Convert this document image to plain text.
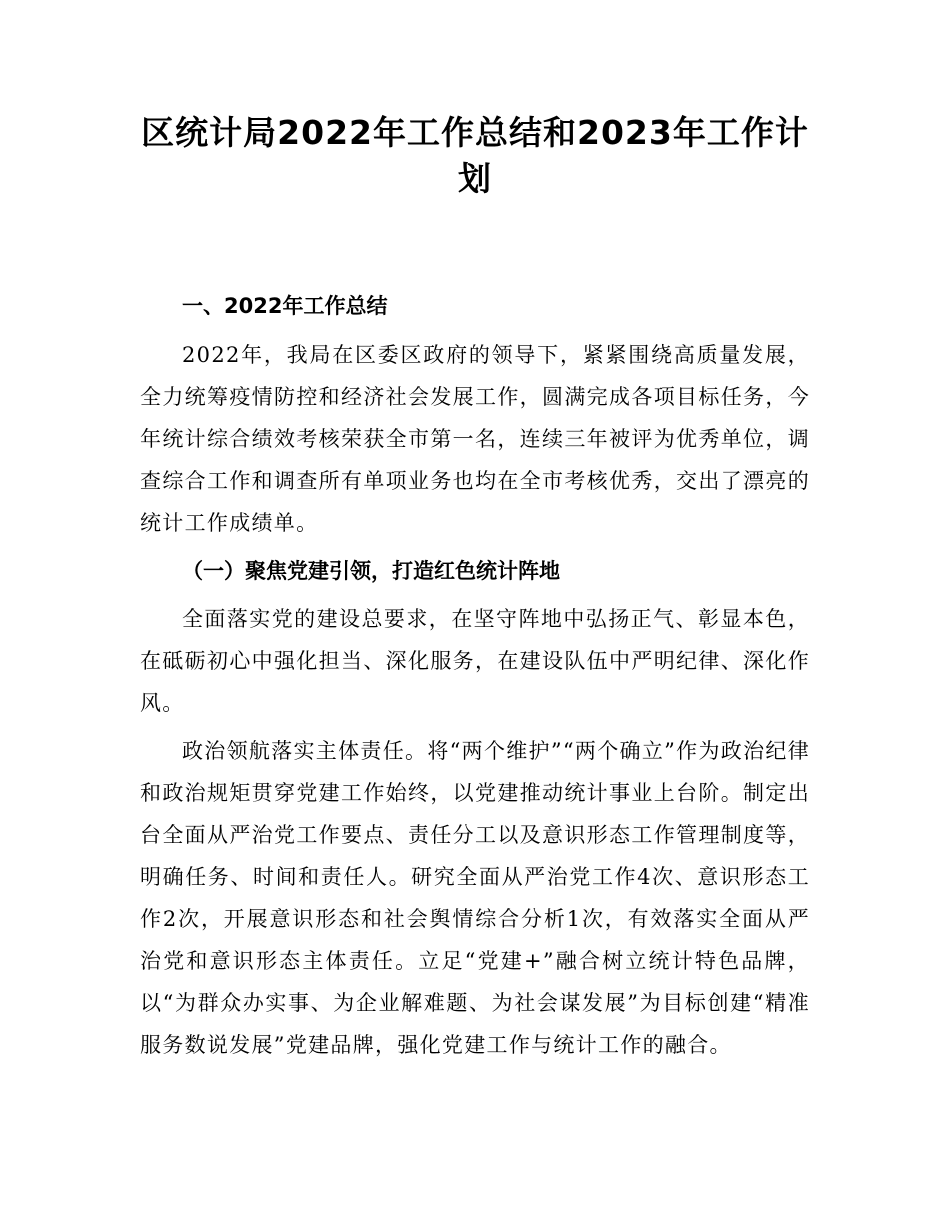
区统计局2022年工作总结和2023年工作计划
一、2022年工作总结

2022年，我局在区委区政府的领导下，紧紧围绕高质量发展，全力统筹疫情防控和经济社会发展工作，圆满完成各项目标任务，今年统计综合绩效考核荣获全市第一名，连续三年被评为优秀单位，调查综合工作和调查所有单项业务也均在全市考核优秀，交出了漂亮的统计工作成绩单。

（一）聚焦党建引领，打造红色统计阵地

全面落实党的建设总要求，在坚守阵地中弘扬正气、彰显本色，在砥砺初心中强化担当、深化服务，在建设队伍中严明纪律、深化作风。

政治领航落实主体责任。将“两个维护”“两个确立”作为政治纪律和政治规矩贯穿党建工作始终，以党建推动统计事业上台阶。制定出台全面从严治党工作要点、责任分工以及意识形态工作管理制度等，明确任务、时间和责任人。研究全面从严治党工作4次、意识形态工作2次，开展意识形态和社会舆情综合分析1次，有效落实全面从严治党和意识形态主体责任。立足“党建+”融合树立统计特色品牌，以“为群众办实事、为企业解难题、为社会谋发展”为目标创建“精准服务数说发展”党建品牌，强化党建工作与统计工作的融合。
